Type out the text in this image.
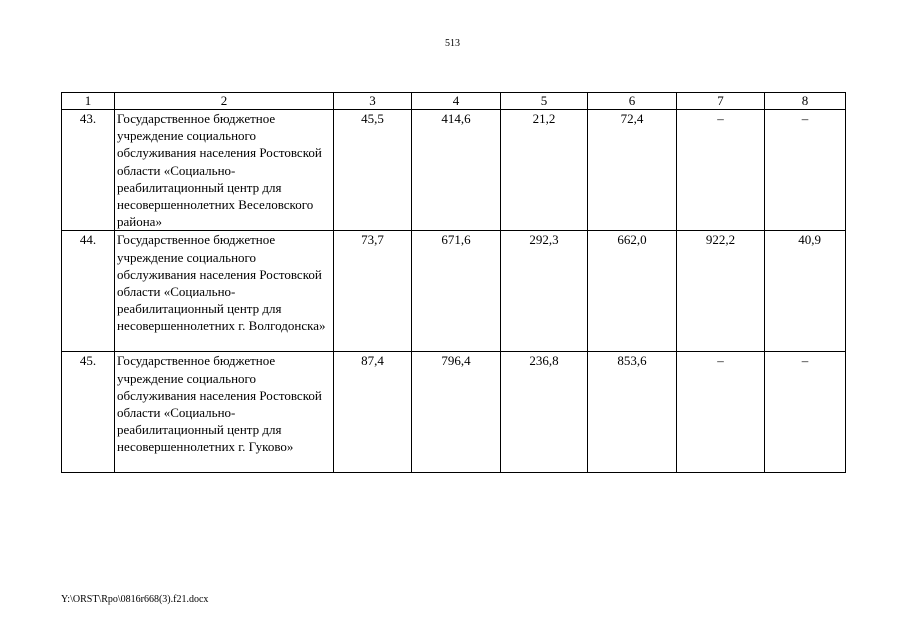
513
1	2	3	4	5	6	7	8
43.	Государственное бюджетное учреждение социального обслуживания населения Ростовской области «Социально-реабилитационный центр для несовершеннолетних Веселовского района»	45,5	414,6	21,2	72,4	–	–
44.	Государственное бюджетное учреждение социального обслуживания населения Ростовской области «Социально-реабилитационный центр для несовершеннолетних г. Волгодонска»	73,7	671,6	292,3	662,0	922,2	40,9
45.	Государственное бюджетное учреждение социального обслуживания населения Ростовской области «Социально-реабилитационный центр для несовершеннолетних г. Гуково»	87,4	796,4	236,8	853,6	–	–
Y:\ORST\Rpo\0816r668(3).f21.docx
